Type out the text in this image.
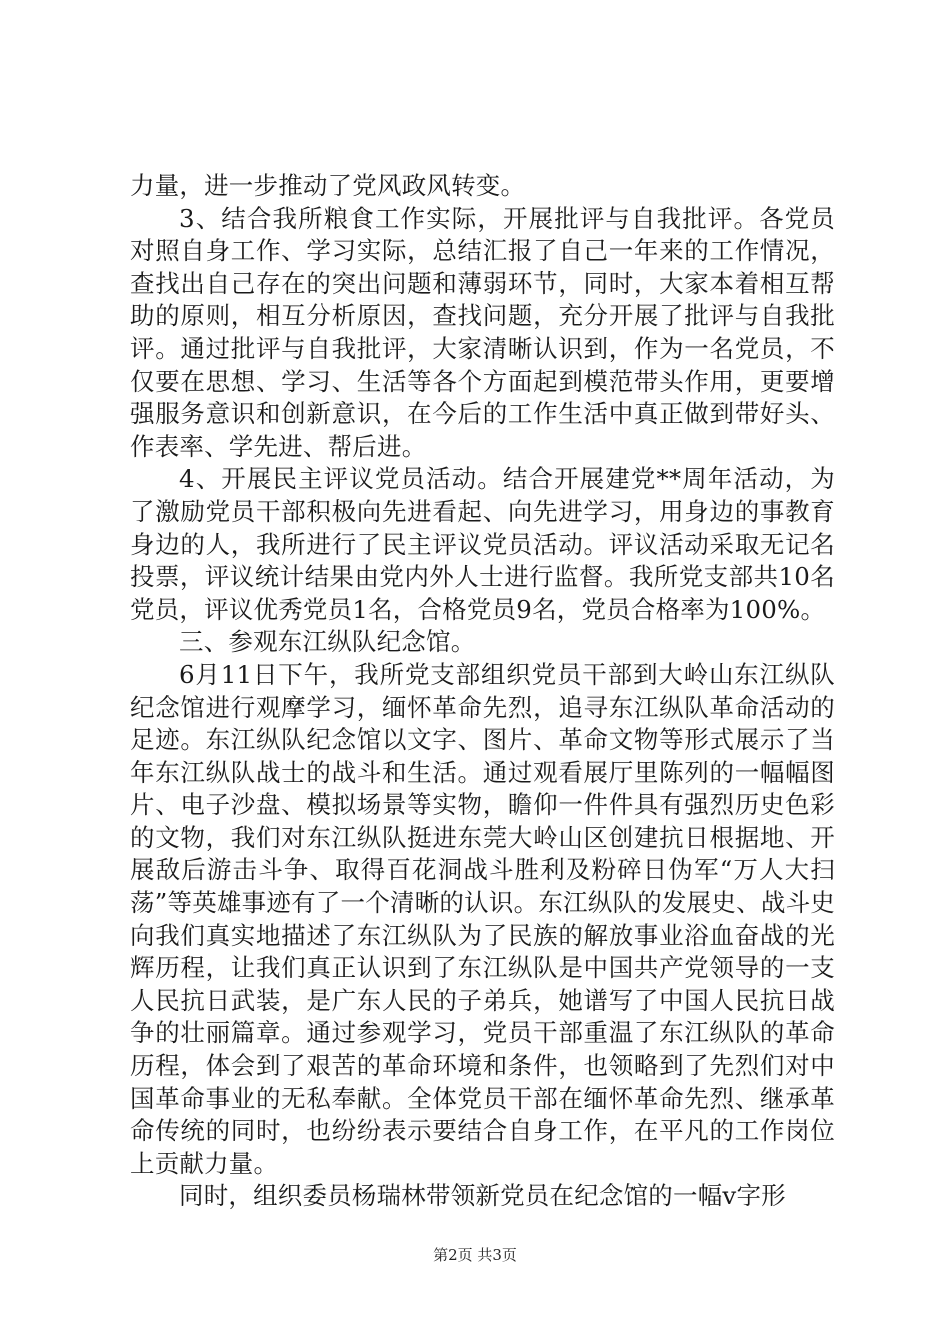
力量，进一步推动了党风政风转变。

3、结合我所粮食工作实际，开展批评与自我批评。各党员对照自身工作、学习实际，总结汇报了自己一年来的工作情况，查找出自己存在的突出问题和薄弱环节，同时，大家本着相互帮助的原则，相互分析原因，查找问题，充分开展了批评与自我批评。通过批评与自我批评，大家清晰认识到，作为一名党员，不仅要在思想、学习、生活等各个方面起到模范带头作用，更要增强服务意识和创新意识，在今后的工作生活中真正做到带好头、作表率、学先进、帮后进。

4、开展民主评议党员活动。结合开展建党**周年活动，为了激励党员干部积极向先进看起、向先进学习，用身边的事教育身边的人，我所进行了民主评议党员活动。评议活动采取无记名投票，评议统计结果由党内外人士进行监督。我所党支部共10名党员，评议优秀党员1名，合格党员9名，党员合格率为100%。

三、参观东江纵队纪念馆。

6月11日下午，我所党支部组织党员干部到大岭山东江纵队纪念馆进行观摩学习，缅怀革命先烈，追寻东江纵队革命活动的足迹。东江纵队纪念馆以文字、图片、革命文物等形式展示了当年东江纵队战士的战斗和生活。通过观看展厅里陈列的一幅幅图片、电子沙盘、模拟场景等实物，瞻仰一件件具有强烈历史色彩的文物，我们对东江纵队挺进东莞大岭山区创建抗日根据地、开展敌后游击斗争、取得百花洞战斗胜利及粉碎日伪军“万人大扫荡”等英雄事迹有了一个清晰的认识。东江纵队的发展史、战斗史向我们真实地描述了东江纵队为了民族的解放事业浴血奋战的光辉历程，让我们真正认识到了东江纵队是中国共产党领导的一支人民抗日武装，是广东人民的子弟兵，她谱写了中国人民抗日战争的壮丽篇章。通过参观学习，党员干部重温了东江纵队的革命历程，体会到了艰苦的革命环境和条件，也领略到了先烈们对中国革命事业的无私奉献。全体党员干部在缅怀革命先烈、继承革命传统的同时，也纷纷表示要结合自身工作，在平凡的工作岗位上贡献力量。

同时，组织委员杨瑞林带领新党员在纪念馆的一幅v字形

第2页 共3页
